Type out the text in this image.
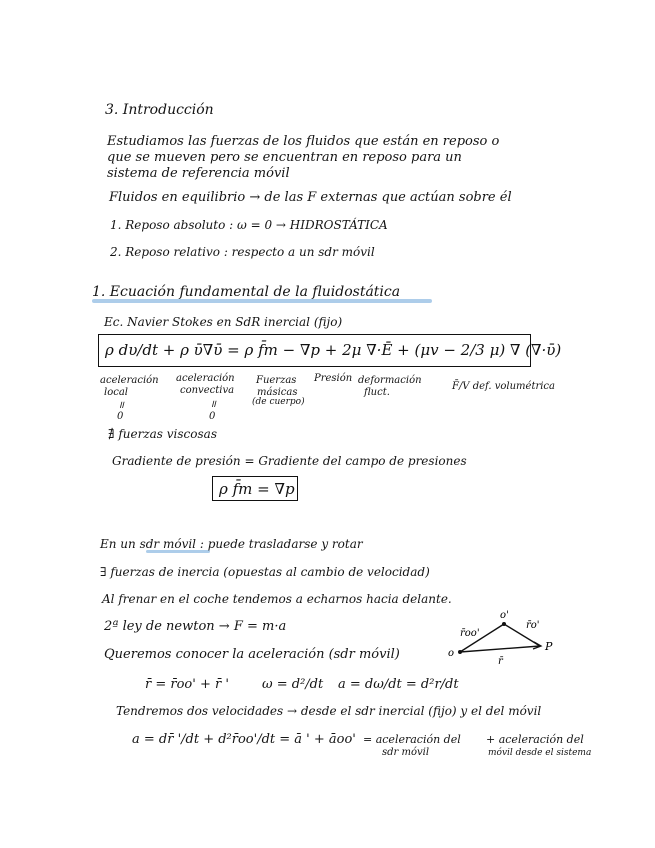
3. Introducción
Estudiamos las fuerzas de los fluidos que están en reposo o
que se mueven pero se encuentran en reposo para un
sistema de referencia móvil
Fluidos en equilibrio → de las F externas que actúan sobre él
1. Reposo absoluto : ω = 0 → HIDROSTÁTICA
2. Reposo relativo : respecto a un sdr móvil
1. Ecuación fundamental de la fluidostática
Ec. Navier Stokes en SdR inercial (fijo)
ρ dυ/dt + ρ ῡ∇ῡ = ρ f̄m − ∇p + 2μ ∇·Ē + (μv − 2/3 μ) ∇ (∇·ῡ)
aceleración
local
॥
0
aceleración
convectiva
॥
0
Fuerzas
másicas
(de cuerpo)
Presión deformación
fluct.
F̄/V def. volumétrica
∄ fuerzas viscosas
Gradiente de presión = Gradiente del campo de presiones
ρ f̄m = ∇p
En un sdr móvil : puede trasladarse y rotar
∃ fuerzas de inercia (opuestas al cambio de velocidad)
Al frenar en el coche tendemos a echarnos hacia delante.
2ª ley de newton → F = m·a
Queremos conocer la aceleración (sdr móvil)
r̄ = r̄oo' + r̄ '	ω = d²/dt a = dω/dt = d²r/dt
Tendremos dos velocidades → desde el sdr inercial (fijo) y el del móvil
a = dr̄ '/dt + d²r̄oo'/dt = ā ' + āoo' = aceleración del
sdr móvil
+ aceleración del
móvil desde el sistema
o
o'
r̄oo'
r̄o'
r̄
P
